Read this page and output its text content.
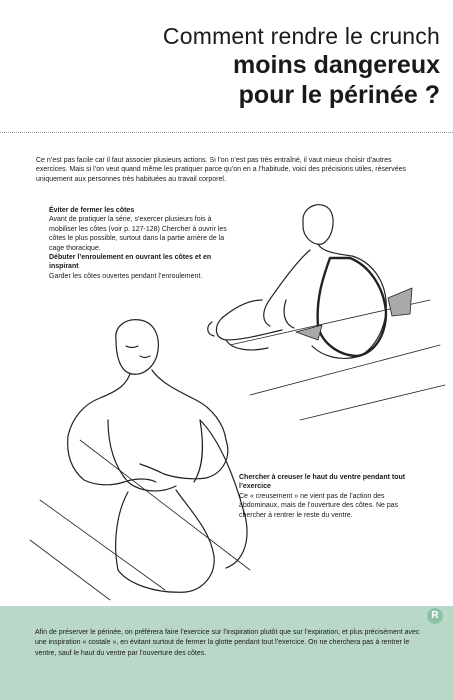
Comment rendre le crunch
moins dangereux
pour le périnée ?
Ce n’est pas facile car il faut associer plusieurs actions. Si l’on n’est pas très entraîné, il vaut mieux choisir d’autres exercices. Mais si l’on veut quand même les pratiquer parce qu’on en a l’habitude, voici des précisions utiles, réservées uniquement aux personnes très habituées au travail corporel.
Éviter de fermer les côtes
Avant de pratiquer la série, s’exercer plusieurs fois à mobiliser les côtes (voir p. 127-128) Chercher à ouvrir les côtes le plus possible, surtout dans la partie arrière de la cage thoracique.
Débuter l’enroulement en ouvrant les côtes et en inspirant
Garder les côtes ouvertes pendant l’enroulement.
Chercher à creuser le haut du ventre pendant tout l’exercice
Ce « creusement » ne vient pas de l’action des abdominaux, mais de l’ouverture des côtes. Ne pas chercher à rentrer le reste du ventre.
Afin de préserver le périnée, on préférera faire l’exercice sur l’inspiration plutôt que sur l’expiration, et plus précisément avec une inspiration « costale », en évitant surtout de fermer la glotte pendant tout l’exercice. On ne cherchera pas à rentrer le ventre, sauf le haut du ventre par l’ouverture des côtes.
R
